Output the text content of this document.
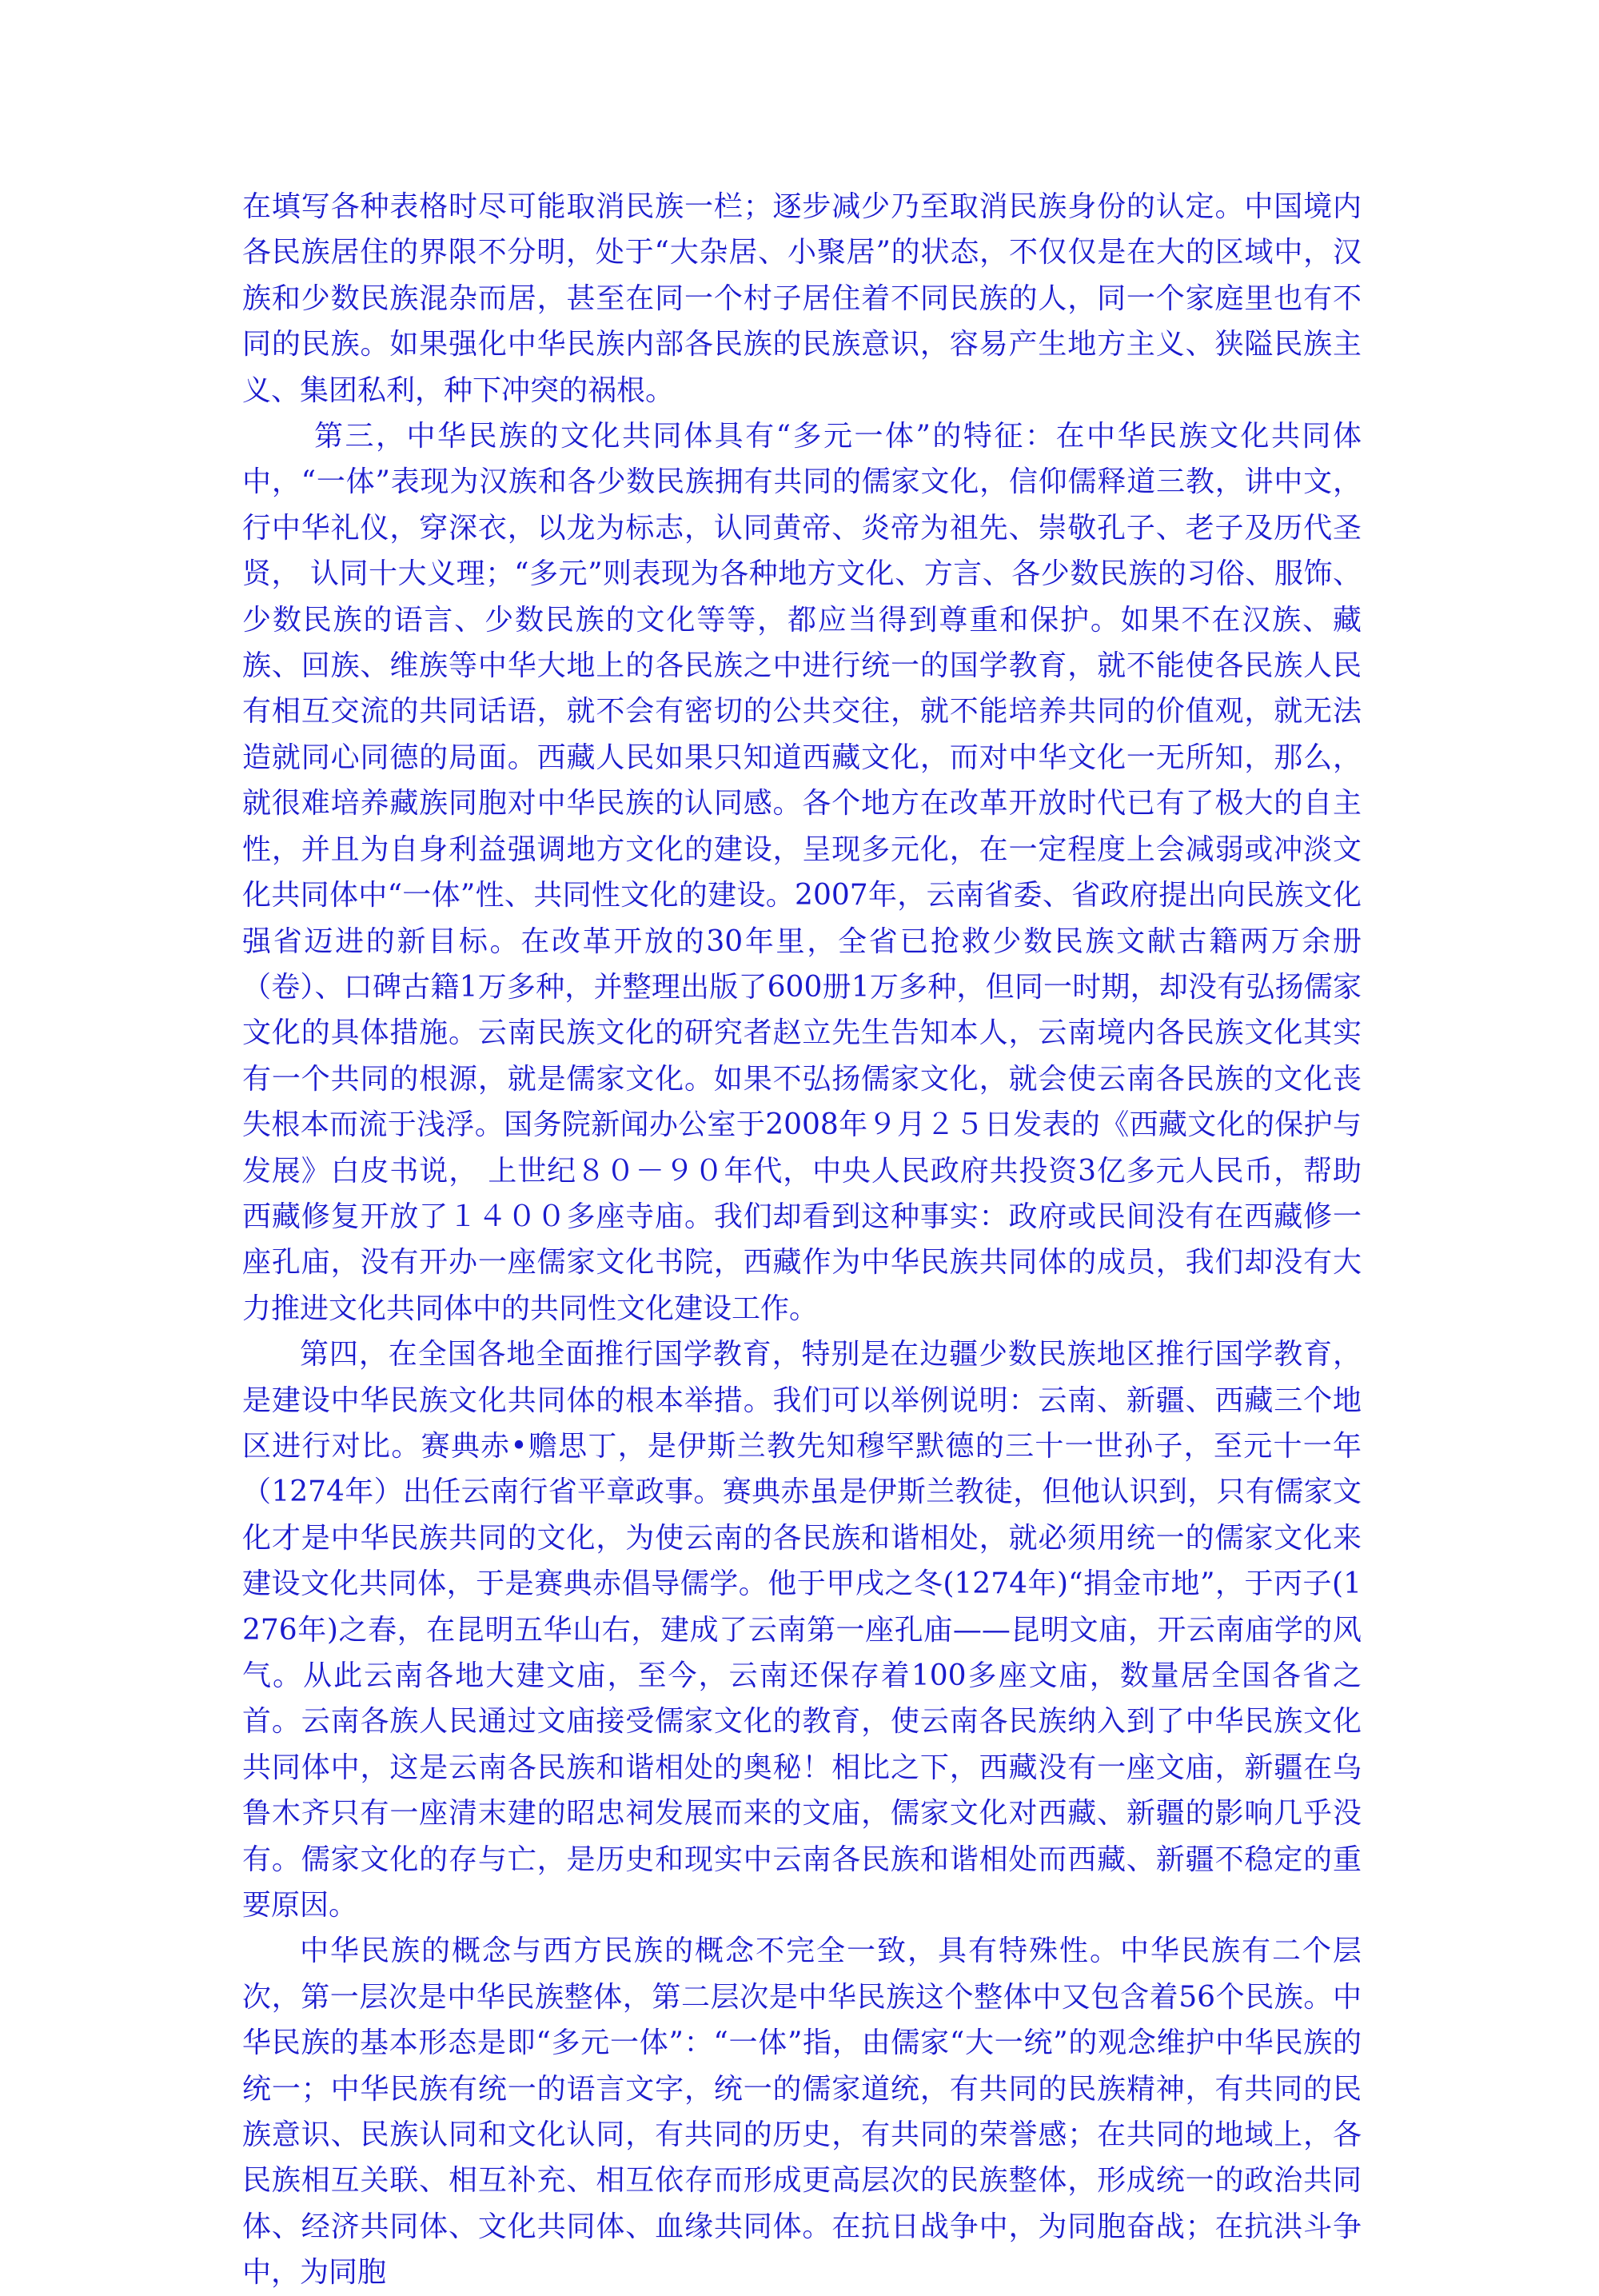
在填写各种表格时尽可能取消民族一栏；逐步减少乃至取消民族身份的认定。中国境内各民族居住的界限不分明，处于“大杂居、小聚居”的状态，不仅仅是在大的区域中，汉族和少数民族混杂而居，甚至在同一个村子居住着不同民族的人，同一个家庭里也有不同的民族。如果强化中华民族内部各民族的民族意识，容易产生地方主义、狭隘民族主义、集团私利，种下冲突的祸根。

第三，中华民族的文化共同体具有“多元一体”的特征：在中华民族文化共同体中，“一体”表现为汉族和各少数民族拥有共同的儒家文化，信仰儒释道三教，讲中文，行中华礼仪，穿深衣，以龙为标志，认同黄帝、炎帝为祖先、崇敬孔子、老子及历代圣贤， 认同十大义理；“多元”则表现为各种地方文化、方言、各少数民族的习俗、服饰、少数民族的语言、少数民族的文化等等，都应当得到尊重和保护。如果不在汉族、藏族、回族、维族等中华大地上的各民族之中进行统一的国学教育，就不能使各民族人民有相互交流的共同话语，就不会有密切的公共交往，就不能培养共同的价值观，就无法造就同心同德的局面。西藏人民如果只知道西藏文化，而对中华文化一无所知，那么，就很难培养藏族同胞对中华民族的认同感。各个地方在改革开放时代已有了极大的自主性，并且为自身利益强调地方文化的建设，呈现多元化，在一定程度上会减弱或冲淡文化共同体中“一体”性、共同性文化的建设。2007年，云南省委、省政府提出向民族文化强省迈进的新目标。在改革开放的30年里，全省已抢救少数民族文献古籍两万余册（卷）、口碑古籍1万多种，并整理出版了600册1万多种，但同一时期，却没有弘扬儒家文化的具体措施。云南民族文化的研究者赵立先生告知本人，云南境内各民族文化其实有一个共同的根源，就是儒家文化。如果不弘扬儒家文化，就会使云南各民族的文化丧失根本而流于浅浮。国务院新闻办公室于2008年９月２５日发表的《西藏文化的保护与发展》白皮书说， 上世纪８０－９０年代，中央人民政府共投资3亿多元人民币，帮助西藏修复开放了１４００多座寺庙。我们却看到这种事实：政府或民间没有在西藏修一座孔庙，没有开办一座儒家文化书院，西藏作为中华民族共同体的成员，我们却没有大力推进文化共同体中的共同性文化建设工作。

第四，在全国各地全面推行国学教育，特别是在边疆少数民族地区推行国学教育，是建设中华民族文化共同体的根本举措。我们可以举例说明：云南、新疆、西藏三个地区进行对比。赛典赤•赡思丁，是伊斯兰教先知穆罕默德的三十一世孙子，至元十一年（1274年）出任云南行省平章政事。赛典赤虽是伊斯兰教徒，但他认识到，只有儒家文化才是中华民族共同的文化，为使云南的各民族和谐相处，就必须用统一的儒家文化来建设文化共同体，于是赛典赤倡导儒学。他于甲戌之冬(1274年)“捐金市地”，于丙子(1276年)之春，在昆明五华山右，建成了云南第一座孔庙——昆明文庙，开云南庙学的风气。从此云南各地大建文庙，至今，云南还保存着100多座文庙，数量居全国各省之首。云南各族人民通过文庙接受儒家文化的教育，使云南各民族纳入到了中华民族文化共同体中，这是云南各民族和谐相处的奥秘！相比之下，西藏没有一座文庙，新疆在乌鲁木齐只有一座清末建的昭忠祠发展而来的文庙，儒家文化对西藏、新疆的影响几乎没有。儒家文化的存与亡，是历史和现实中云南各民族和谐相处而西藏、新疆不稳定的重要原因。

中华民族的概念与西方民族的概念不完全一致，具有特殊性。中华民族有二个层次，第一层次是中华民族整体，第二层次是中华民族这个整体中又包含着56个民族。中华民族的基本形态是即“多元一体”：“一体”指，由儒家“大一统”的观念维护中华民族的统一；中华民族有统一的语言文字，统一的儒家道统，有共同的民族精神，有共同的民族意识、民族认同和文化认同，有共同的历史，有共同的荣誉感；在共同的地域上，各民族相互关联、相互补充、相互依存而形成更高层次的民族整体，形成统一的政治共同体、经济共同体、文化共同体、血缘共同体。在抗日战争中，为同胞奋战；在抗洪斗争中，为同胞
